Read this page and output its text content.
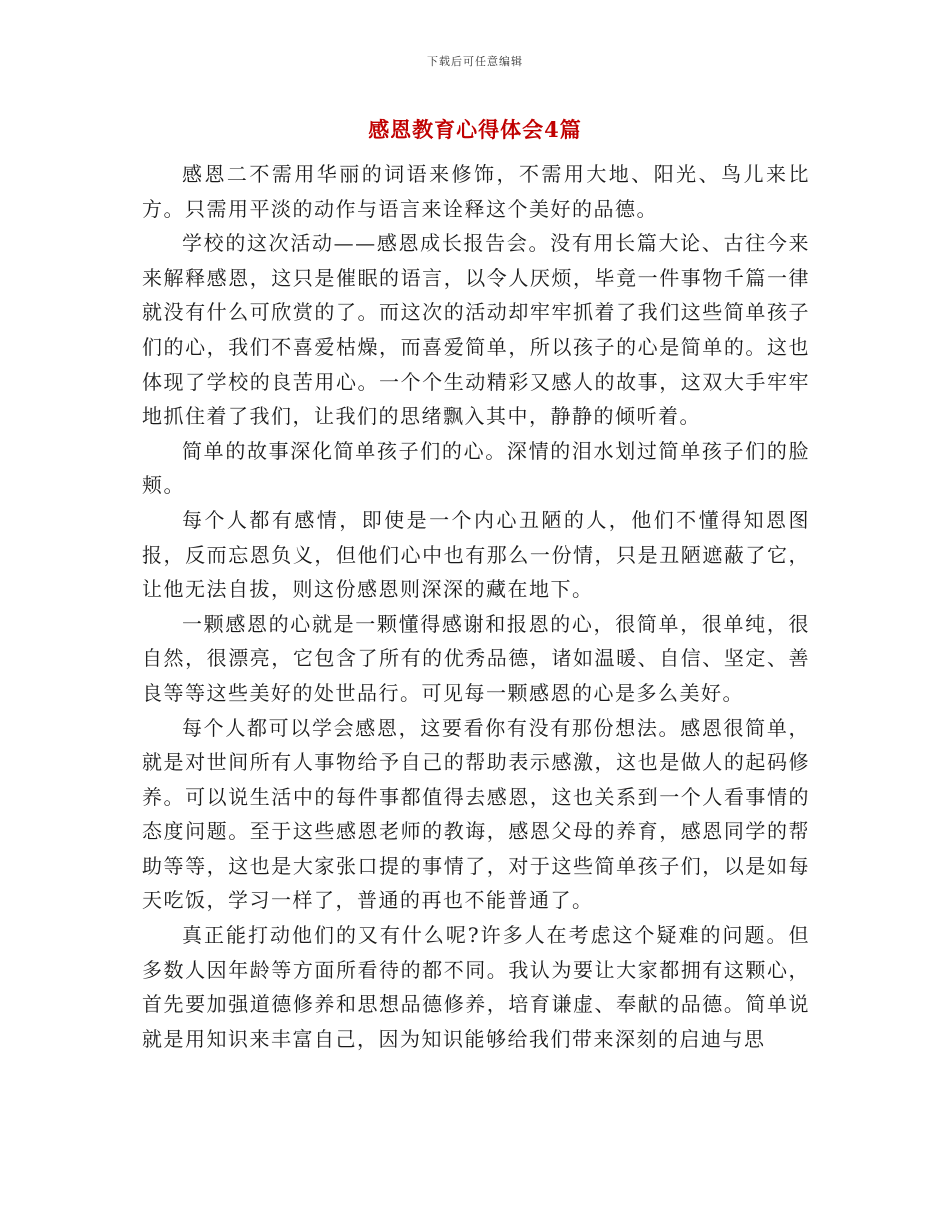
下载后可任意编辑
感恩教育心得体会4篇

感恩二不需用华丽的词语来修饰，不需用大地、阳光、鸟儿来比方。只需用平淡的动作与语言来诠释这个美好的品德。

学校的这次活动——感恩成长报告会。没有用长篇大论、古往今来来解释感恩，这只是催眠的语言，以令人厌烦，毕竟一件事物千篇一律就没有什么可欣赏的了。而这次的活动却牢牢抓着了我们这些简单孩子们的心，我们不喜爱枯燥，而喜爱简单，所以孩子的心是简单的。这也体现了学校的良苦用心。一个个生动精彩又感人的故事，这双大手牢牢地抓住着了我们，让我们的思绪飘入其中，静静的倾听着。

简单的故事深化简单孩子们的心。深情的泪水划过简单孩子们的脸颊。

每个人都有感情，即使是一个内心丑陋的人，他们不懂得知恩图报，反而忘恩负义，但他们心中也有那么一份情，只是丑陋遮蔽了它，让他无法自拔，则这份感恩则深深的藏在地下。

一颗感恩的心就是一颗懂得感谢和报恩的心，很简单，很单纯，很自然，很漂亮，它包含了所有的优秀品德，诸如温暖、自信、坚定、善良等等这些美好的处世品行。可见每一颗感恩的心是多么美好。

每个人都可以学会感恩，这要看你有没有那份想法。感恩很简单，就是对世间所有人事物给予自己的帮助表示感激，这也是做人的起码修养。可以说生活中的每件事都值得去感恩，这也关系到一个人看事情的态度问题。至于这些感恩老师的教诲，感恩父母的养育，感恩同学的帮助等等，这也是大家张口提的事情了，对于这些简单孩子们，以是如每天吃饭，学习一样了，普通的再也不能普通了。

真正能打动他们的又有什么呢?许多人在考虑这个疑难的问题。但多数人因年龄等方面所看待的都不同。我认为要让大家都拥有这颗心，首先要加强道德修养和思想品德修养，培育谦虚、奉献的品德。简单说就是用知识来丰富自己，因为知识能够给我们带来深刻的启迪与思
